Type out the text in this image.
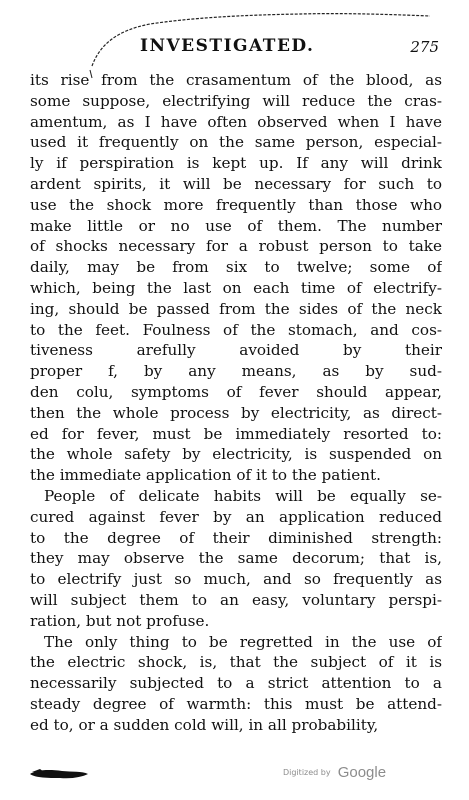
INVESTIGATED.	275
its rise from the crasamentum of the blood, as
some suppose, electrifying will reduce the cras-
amentum, as I have often observed when I have
used it frequently on the same person, especial-
ly if perspiration is kept up. If any will drink
ardent spirits, it will be necessary for such to
use the shock more frequently than those who
make little or no use of them. The number
of shocks necessary for a robust person to take
daily, may be from six to twelve; some of
which, being the last on each time of electrify-
ing, should be passed from the sides of the neck
to the feet. Foulness of the stomach, and cos-
tiveness arefully avoided by their
proper f, by any means, as by sud-
den colu, symptoms of fever should appear,
then the whole process by electricity, as direct-
ed for fever, must be immediately resorted to:
the whole safety by electricity, is suspended on
the immediate application of it to the patient.
People of delicate habits will be equally se-
cured against fever by an application reduced
to the degree of their diminished strength:
they may observe the same decorum; that is,
to electrify just so much, and so frequently as
will subject them to an easy, voluntary perspi-
ration, but not profuse.
The only thing to be regretted in the use of
the electric shock, is, that the subject of it is
necessarily subjected to a strict attention to a
steady degree of warmth: this must be attend-
ed to, or a sudden cold will, in all probability,
Digitized by Google
